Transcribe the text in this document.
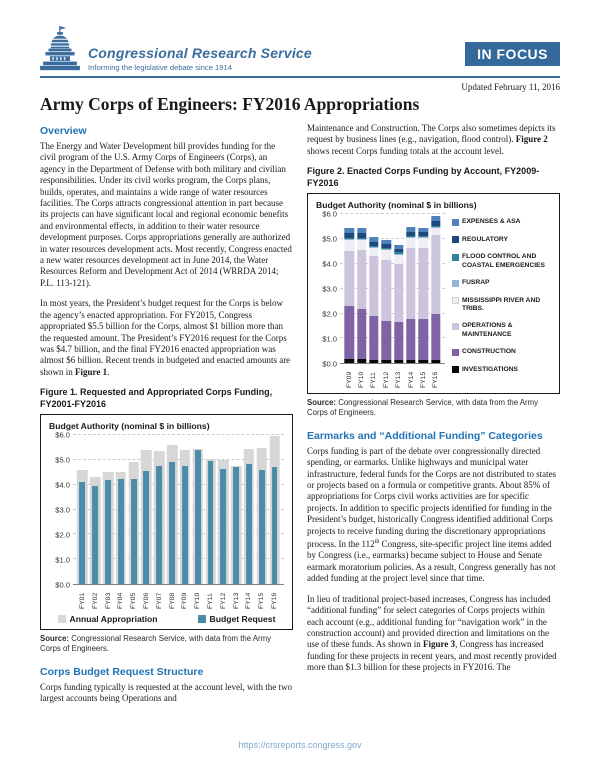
Congressional Research Service
Informing the legislative debate since 1914
IN FOCUS
Updated February 11, 2016
Army Corps of Engineers: FY2016 Appropriations
Overview

The Energy and Water Development bill provides funding for the civil program of the U.S. Army Corps of Engineers (Corps), an agency in the Department of Defense with both military and civilian responsibilities. Under its civil works program, the Corps plans, builds, operates, and maintains a wide range of water resources facilities. The Corps attracts congressional attention in part because its projects can have significant local and regional economic benefits and environmental effects, in addition to their water resource development purposes. Corps appropriations generally are authorized in water resources development acts. Most recently, Congress enacted a new water resources development act in June 2014, the Water Resources Reform and Development Act of 2014 (WRRDA 2014; P.L. 113-121).

In most years, the President’s budget request for the Corps is below the agency’s enacted appropriation. For FY2015, Congress appropriated $5.5 billion for the Corps, almost $1 billion more than the requested amount. The President’s FY2016 request for the Corps was $4.7 billion, and the final FY2016 enacted appropriation was almost $6 billion. Recent trends in budgeted and enacted amounts are shown in Figure 1.

Figure 1. Requested and Appropriated Corps Funding, FY2001-FY2016
Budget Authority (nominal $ in billions)
$0.0
$1.0
$2.0
$3.0
$4.0
$5.0
$6.0
FY01 FY02 FY03 FY04 FY05 FY06 FY07 FY08 FY09 FY10 FY11 FY12 FY13 FY14 FY15 FY16
Annual Appropriation	Budget Request

Source: Congressional Research Service, with data from the Army Corps of Engineers.

Corps Budget Request Structure

Corps funding typically is requested at the account level, with the two largest accounts being Operations and

Maintenance and Construction. The Corps also sometimes depicts its request by business lines (e.g., navigation, flood control). Figure 2 shows recent Corps funding totals at the account level.

Figure 2. Enacted Corps Funding by Account, FY2009-FY2016
Budget Authority (nominal $ in billions)
$0.0
$1.0
$2.0
$3.0
$4.0
$5.0
$6.0
FY09 FY10 FY11 FY12 FY13 FY14 FY15 FY16
EXPENSES & ASA
REGULATORY
FLOOD CONTROL AND COASTAL EMERGENCIES
FUSRAP
MISSISSIPPI RIVER AND TRIBS.
OPERATIONS & MAINTENANCE
CONSTRUCTION
INVESTIGATIONS

Source: Congressional Research Service, with data from the Army Corps of Engineers.

Earmarks and “Additional Funding” Categories

Corps funding is part of the debate over congressionally directed spending, or earmarks. Unlike highways and municipal water infrastructure, federal funds for the Corps are not distributed to states or projects based on a formula or competitive grants. About 85% of appropriations for Corps civil works activities are for specific projects. In addition to specific projects identified for funding in the President’s budget, historically Congress identified additional Corps projects to receive funding during the discretionary appropriations process. In the 112th Congress, site-specific project line items added by Congress (i.e., earmarks) became subject to House and Senate earmark moratorium policies. As a result, Congress generally has not added funding at the project level since that time.

In lieu of traditional project-based increases, Congress has included “additional funding” for select categories of Corps projects within each account (e.g., additional funding for “navigation work” in the construction account) and provided direction and limitations on the use of these funds. As shown in Figure 3, Congress has increased funding for these projects in recent years, and most recently provided more than $1.3 billion for these projects in FY2016. The

https://crsreports.congress.gov
